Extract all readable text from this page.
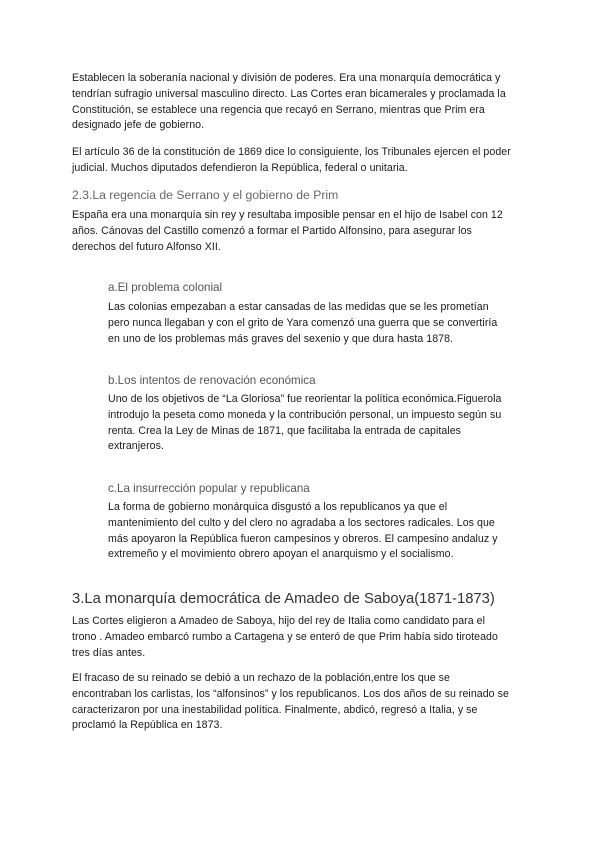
Establecen la soberanía nacional y división de poderes. Era una monarquía democrática y
tendrían sufragio universal masculino directo. Las Cortes eran bicamerales y proclamada la
Constitución, se establece una regencia que recayó en Serrano, mientras que Prim era
designado jefe de gobierno.
El artículo 36 de la constitución de 1869 dice lo consiguiente, los Tribunales ejercen el poder
judicial. Muchos diputados defendieron la República, federal o unitaria.
2.3.La regencia de Serrano y el gobierno de Prim
España era una monarquía sin rey y resultaba imposible pensar en el hijo de Isabel con 12
años. Cánovas del Castillo comenzó a formar el Partido Alfonsino, para asegurar los
derechos del futuro Alfonso XII.
a.El problema colonial
Las colonias empezaban a estar cansadas de las medidas que se les prometían
pero nunca llegaban y con el grito de Yara comenzó una guerra que se convertiría
en uno de los problemas más graves del sexenio y que dura hasta 1878.
b.Los intentos de renovación económica
Uno de los objetivos de “La Gloriosa” fue reorientar la política económica.Figuerola
introdujo la peseta como moneda y la contribución personal, un impuesto según su
renta. Crea la Ley de Minas de 1871, que facilitaba la entrada de capitales
extranjeros.
c.La insurrección popular y republicana
La forma de gobierno monárquica disgustó a los republicanos ya que el
mantenimiento del culto y del clero no agradaba a los sectores radicales. Los que
más apoyaron la República fueron campesinos y obreros. El campesino andaluz y
extremeño y el movimiento obrero apoyan el anarquismo y el socialismo.
3.La monarquía democrática de Amadeo de Saboya(1871-1873)
Las Cortes eligieron a Amadeo de Saboya, hijo del rey de Italia como candidato para el
trono . Amadeo embarcó rumbo a Cartagena y se enteró de que Prim había sido tiroteado
tres días antes.
El fracaso de su reinado se debió a un rechazo de la población,entre los que se
encontraban los carlistas, los “alfonsinos” y los republicanos. Los dos años de su reinado se
caracterizaron por una inestabilidad política. Finalmente, abdicó, regresó a Italia, y se
proclamó la República en 1873.
